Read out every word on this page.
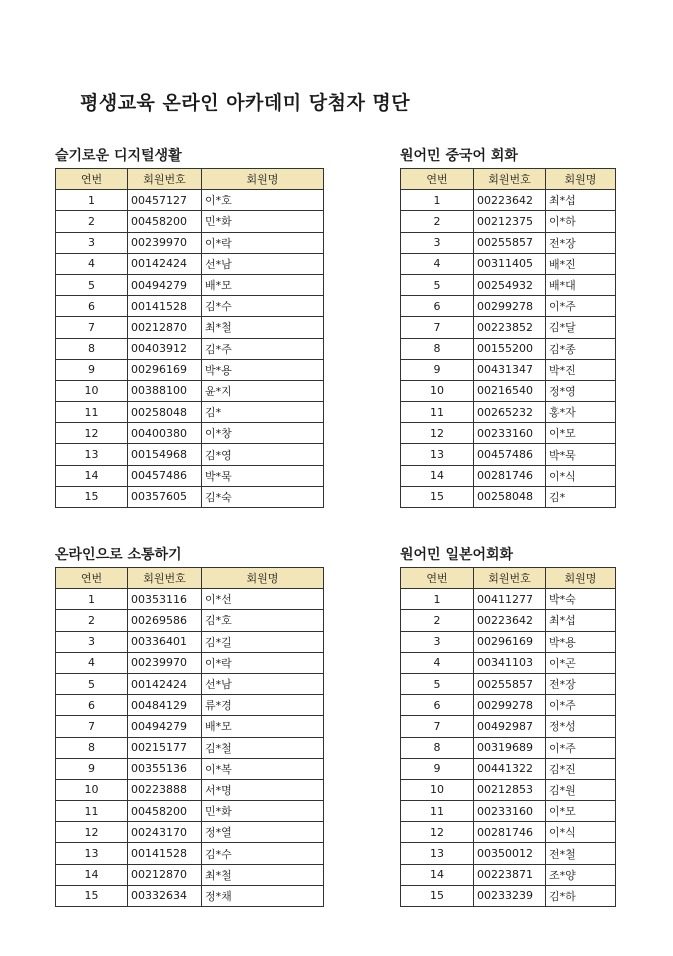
평생교육 온라인 아카데미 당첨자 명단
슬기로운 디지털생활
연번	회원번호	회원명
1	00457127	이*호
2	00458200	민*화
3	00239970	이*락
4	00142424	선*남
5	00494279	배*모
6	00141528	김*수
7	00212870	최*철
8	00403912	김*주
9	00296169	박*용
10	00388100	윤*지
11	00258048	김*
12	00400380	이*창
13	00154968	김*영
14	00457486	박*묵
15	00357605	김*숙
원어민 중국어 회화
연번	회원번호	회원명
1	00223642	최*섭
2	00212375	이*하
3	00255857	전*장
4	00311405	배*진
5	00254932	배*대
6	00299278	이*주
7	00223852	김*달
8	00155200	김*종
9	00431347	박*진
10	00216540	정*영
11	00265232	홍*자
12	00233160	이*모
13	00457486	박*묵
14	00281746	이*식
15	00258048	김*
온라인으로 소통하기
연번	회원번호	회원명
1	00353116	이*선
2	00269586	김*호
3	00336401	김*길
4	00239970	이*락
5	00142424	선*남
6	00484129	류*경
7	00494279	배*모
8	00215177	김*철
9	00355136	이*복
10	00223888	서*명
11	00458200	민*화
12	00243170	정*열
13	00141528	김*수
14	00212870	최*철
15	00332634	정*채
원어민 일본어회화
연번	회원번호	회원명
1	00411277	박*숙
2	00223642	최*섭
3	00296169	박*용
4	00341103	이*곤
5	00255857	전*장
6	00299278	이*주
7	00492987	정*성
8	00319689	이*주
9	00441322	김*진
10	00212853	김*원
11	00233160	이*모
12	00281746	이*식
13	00350012	전*철
14	00223871	조*양
15	00233239	김*하
